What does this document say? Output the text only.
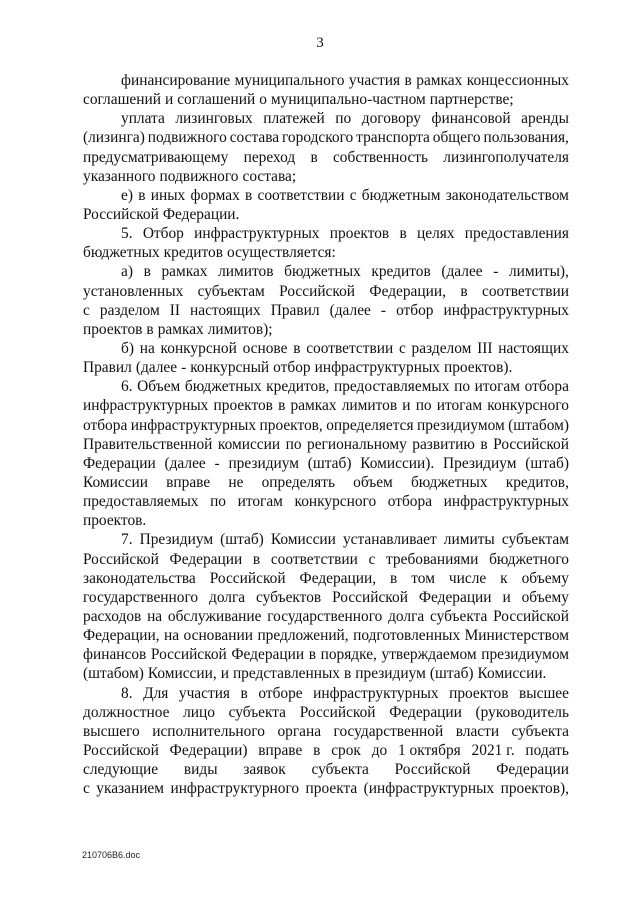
3
финансирование муниципального участия в рамках концессионных
соглашений и соглашений о муниципально-частном партнерстве;
уплата лизинговых платежей по договору финансовой аренды
(лизинга) подвижного состава городского транспорта общего пользования,
предусматривающему переход в собственность лизингополучателя
указанного подвижного состава;
е) в иных формах в соответствии с бюджетным законодательством
Российской Федерации.
5. Отбор инфраструктурных проектов в целях предоставления
бюджетных кредитов осуществляется:
а) в рамках лимитов бюджетных кредитов (далее - лимиты),
установленных субъектам Российской Федерации, в соответствии
с разделом II настоящих Правил (далее - отбор инфраструктурных
проектов в рамках лимитов);
б) на конкурсной основе в соответствии с разделом III настоящих
Правил (далее - конкурсный отбор инфраструктурных проектов).
6. Объем бюджетных кредитов, предоставляемых по итогам отбора
инфраструктурных проектов в рамках лимитов и по итогам конкурсного
отбора инфраструктурных проектов, определяется президиумом (штабом)
Правительственной комиссии по региональному развитию в Российской
Федерации (далее - президиум (штаб) Комиссии). Президиум (штаб)
Комиссии вправе не определять объем бюджетных кредитов,
предоставляемых по итогам конкурсного отбора инфраструктурных
проектов.
7. Президиум (штаб) Комиссии устанавливает лимиты субъектам
Российской Федерации в соответствии с требованиями бюджетного
законодательства Российской Федерации, в том числе к объему
государственного долга субъектов Российской Федерации и объему
расходов на обслуживание государственного долга субъекта Российской
Федерации, на основании предложений, подготовленных Министерством
финансов Российской Федерации в порядке, утверждаемом президиумом
(штабом) Комиссии, и представленных в президиум (штаб) Комиссии.
8. Для участия в отборе инфраструктурных проектов высшее
должностное лицо субъекта Российской Федерации (руководитель
высшего исполнительного органа государственной власти субъекта
Российской Федерации) вправе в срок до 1 октября 2021 г. подать
следующие виды заявок субъекта Российской Федерации
с указанием инфраструктурного проекта (инфраструктурных проектов),
210706B6.doc
